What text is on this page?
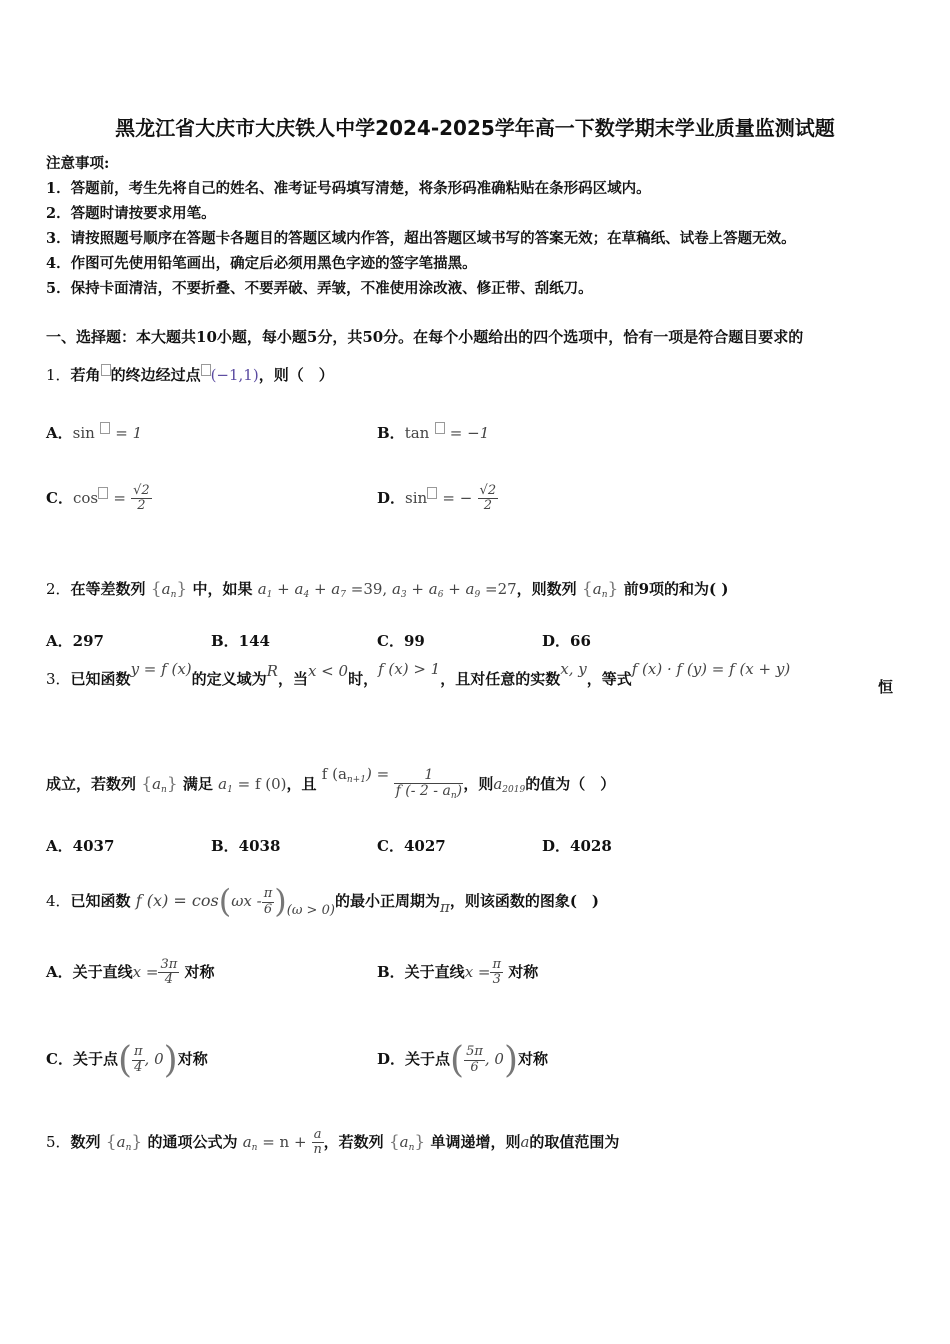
黑龙江省大庆市大庆铁人中学2024-2025学年高一下数学期末学业质量监测试题
注意事项:
1．答题前，考生先将自己的姓名、准考证号码填写清楚，将条形码准确粘贴在条形码区域内。
2．答题时请按要求用笔。
3．请按照题号顺序在答题卡各题目的答题区域内作答，超出答题区域书写的答案无效；在草稿纸、试卷上答题无效。
4．作图可先使用铅笔画出，确定后必须用黑色字迹的签字笔描黑。
5．保持卡面清洁，不要折叠、不要弄破、弄皱，不准使用涂改液、修正带、刮纸刀。
一、选择题：本大题共10小题，每小题5分，共50分。在每个小题给出的四个选项中，恰有一项是符合题目要求的
1．若角 的终边经过点 (−1,1)，则（　）
A．sin = 1	B．tan = −1
C．$\cos = \frac{√2}{2}$	D．sin = − $\frac{√2}{2}$
2．在等差数列 $\{a_n\}$ 中，如果 $a_1 + a_4 + a_7 =39$, $a_3 + a_6 + a_9 =27$，则数列 $\{a_n\}$ 前9项的和为( )
A．297	B．144	C．99	D．66
3．已知函数y = f (x)的定义域为R，当x < 0时，f (x) > 1，且对任意的实数x, y，等式f (x) · f (y) = f (x + y)
恒
成立，若数列 $\{a_n\}$ 满足 $a_1 = f$ (0)，且 f $(a_{n+1}) = \frac{1}{f (- 2 - a_n)}$ ，则$a_{2019}$的值为（　）
A．4037	B．4038	C．4027	D．4028
4．已知函数 f $(x) = \cos(\omega x - \frac{\pi}{6} )(\omega > 0)$的最小正周期为π，则该函数的图象(　)
A．关于直线$x = \frac{3\pi}{4}$ 对称	B．关于直线$x = \frac{\pi}{3}$ 对称
C．关于点( $\frac{\pi}{4}$ , 0)对称	D．关于点( $\frac{5\pi}{6}$ , 0)对称
5．数列 $\{a_n\}$ 的通项公式为 $a_n = n + \frac{a}{n}$ ，若数列 $\{a_n\}$ 单调递增，则a的取值范围为
